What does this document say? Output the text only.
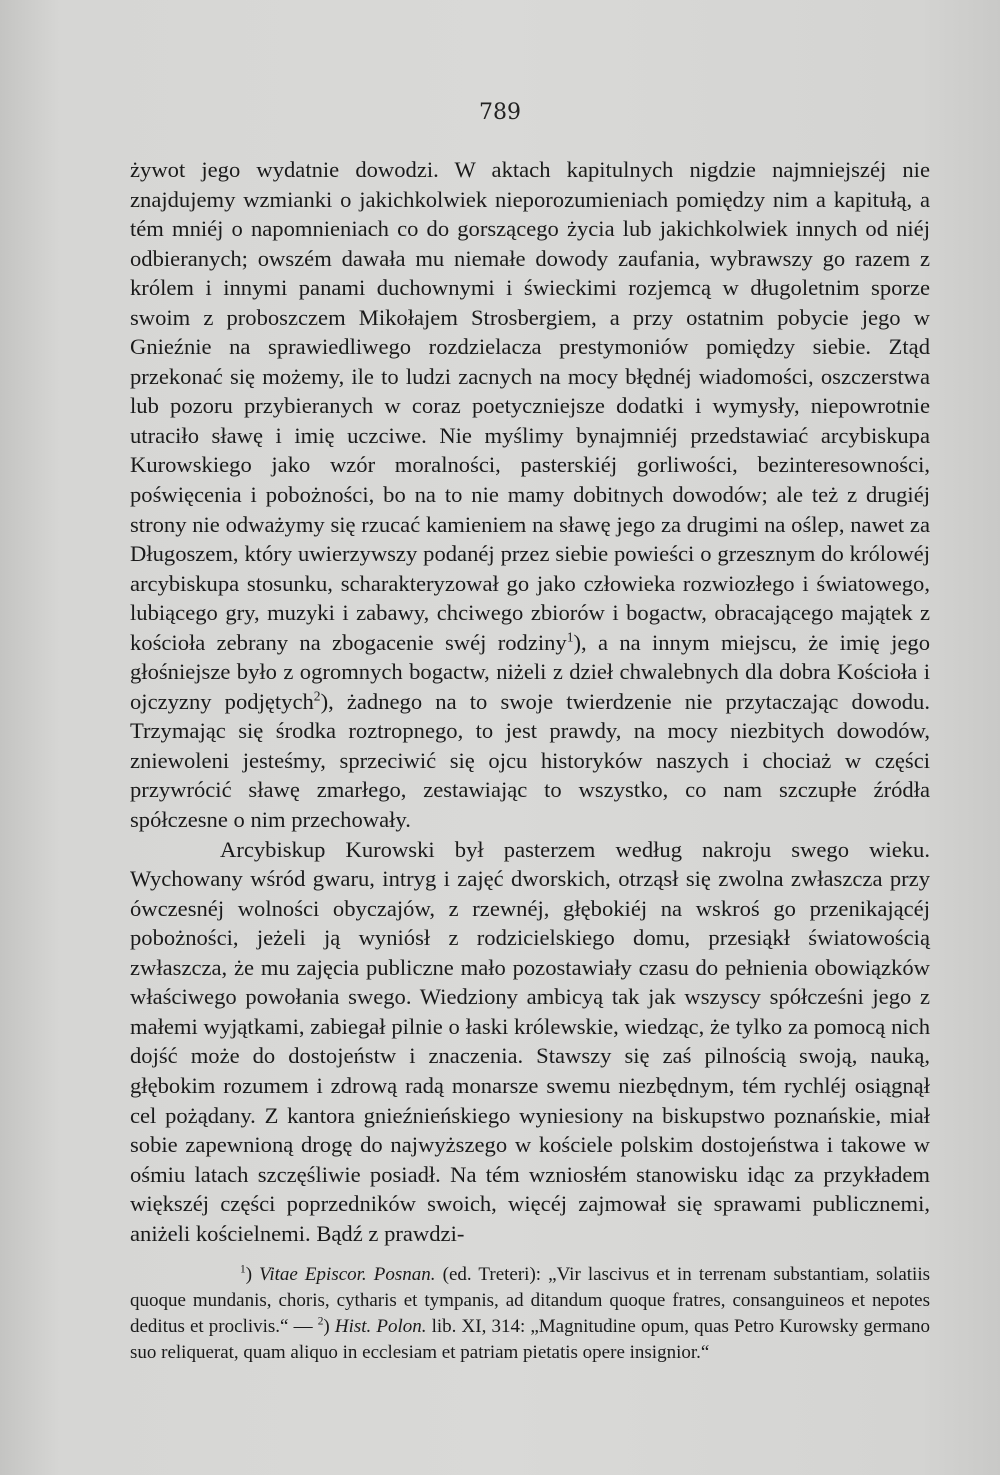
789

żywot jego wydatnie dowodzi. W aktach kapitulnych nigdzie najmniejszéj nie znajdujemy wzmianki o jakichkolwiek nieporozumieniach pomiędzy nim a kapitułą, a tém mniéj o napomnieniach co do gorszącego życia lub jakichkolwiek innych od niéj odbieranych; owszém dawała mu niemałe dowody zaufania, wybrawszy go razem z królem i innymi panami duchownymi i świeckimi rozjemcą w długoletnim sporze swoim z proboszczem Mikołajem Strosbergiem, a przy ostatnim pobycie jego w Gnieźnie na sprawiedliwego rozdzielacza prestymoniów pomiędzy siebie. Ztąd przekonać się możemy, ile to ludzi zacnych na mocy błędnéj wiadomości, oszczerstwa lub pozoru przybieranych w coraz poetyczniejsze dodatki i wymysły, niepowrotnie utraciło sławę i imię uczciwe. Nie myślimy bynajmniéj przedstawiać arcybiskupa Kurowskiego jako wzór moralności, pasterskiéj gorliwości, bezinteresowności, poświęcenia i pobożności, bo na to nie mamy dobitnych dowodów; ale też z drugiéj strony nie odważymy się rzucać kamieniem na sławę jego za drugimi na oślep, nawet za Długoszem, który uwierzywszy podanéj przez siebie powieści o grzesznym do królowéj arcybiskupa stosunku, scharakteryzował go jako człowieka rozwiozłego i światowego, lubiącego gry, muzyki i zabawy, chciwego zbiorów i bogactw, obracającego majątek z kościoła zebrany na zbogacenie swéj rodziny$^1$), a na innym miejscu, że imię jego głośniejsze było z ogromnych bogactw, niżeli z dzieł chwalebnych dla dobra Kościoła i ojczyzny podjętych$^2$), żadnego na to swoje twierdzenie nie przytaczając dowodu. Trzymając się środka roztropnego, to jest prawdy, na mocy niezbitych dowodów, zniewoleni jesteśmy, sprzeciwić się ojcu historyków naszych i chociaż w części przywrócić sławę zmarłego, zestawiając to wszystko, co nam szczupłe źródła spółczesne o nim przechowały.

Arcybiskup Kurowski był pasterzem według nakroju swego wieku. Wychowany wśród gwaru, intryg i zajęć dworskich, otrząsł się zwolna zwłaszcza przy ówczesnéj wolności obyczajów, z rzewnéj, głębokiéj na wskroś go przenikającéj pobożności, jeżeli ją wyniósł z rodzicielskiego domu, przesiąkł światowością zwłaszcza, że mu zajęcia publiczne mało pozostawiały czasu do pełnienia obowiązków właściwego powołania swego. Wiedziony ambicyą tak jak wszyscy spółcześni jego z małemi wyjątkami, zabiegał pilnie o łaski królewskie, wiedząc, że tylko za pomocą nich dojść może do dostojeństw i znaczenia. Stawszy się zaś pilnością swoją, nauką, głębokim rozumem i zdrową radą monarsze swemu niezbędnym, tém rychléj osiągnął cel pożądany. Z kantora gnieźnieńskiego wyniesiony na biskupstwo poznańskie, miał sobie zapewnioną drogę do najwyższego w kościele polskim dostojeństwa i takowe w ośmiu latach szczęśliwie posiadł. Na tém wzniosłém stanowisku idąc za przykładem większéj części poprzedników swoich, więcéj zajmował się sprawami publicznemi, aniżeli kościelnemi. Bądź z prawdzi-

$^1$) Vitae Episcor. Posnan. (ed. Treteri): „Vir lascivus et in terrenam substantiam, solatiis quoque mundanis, choris, cytharis et tympanis, ad ditandum quoque fratres, consanguineos et nepotes deditus et proclivis.“ — $^2$) Hist. Polon. lib. XI, 314: „Magnitudine opum, quas Petro Kurowsky germano suo reliquerat, quam aliquo in ecclesiam et patriam pietatis opere insignior.“
